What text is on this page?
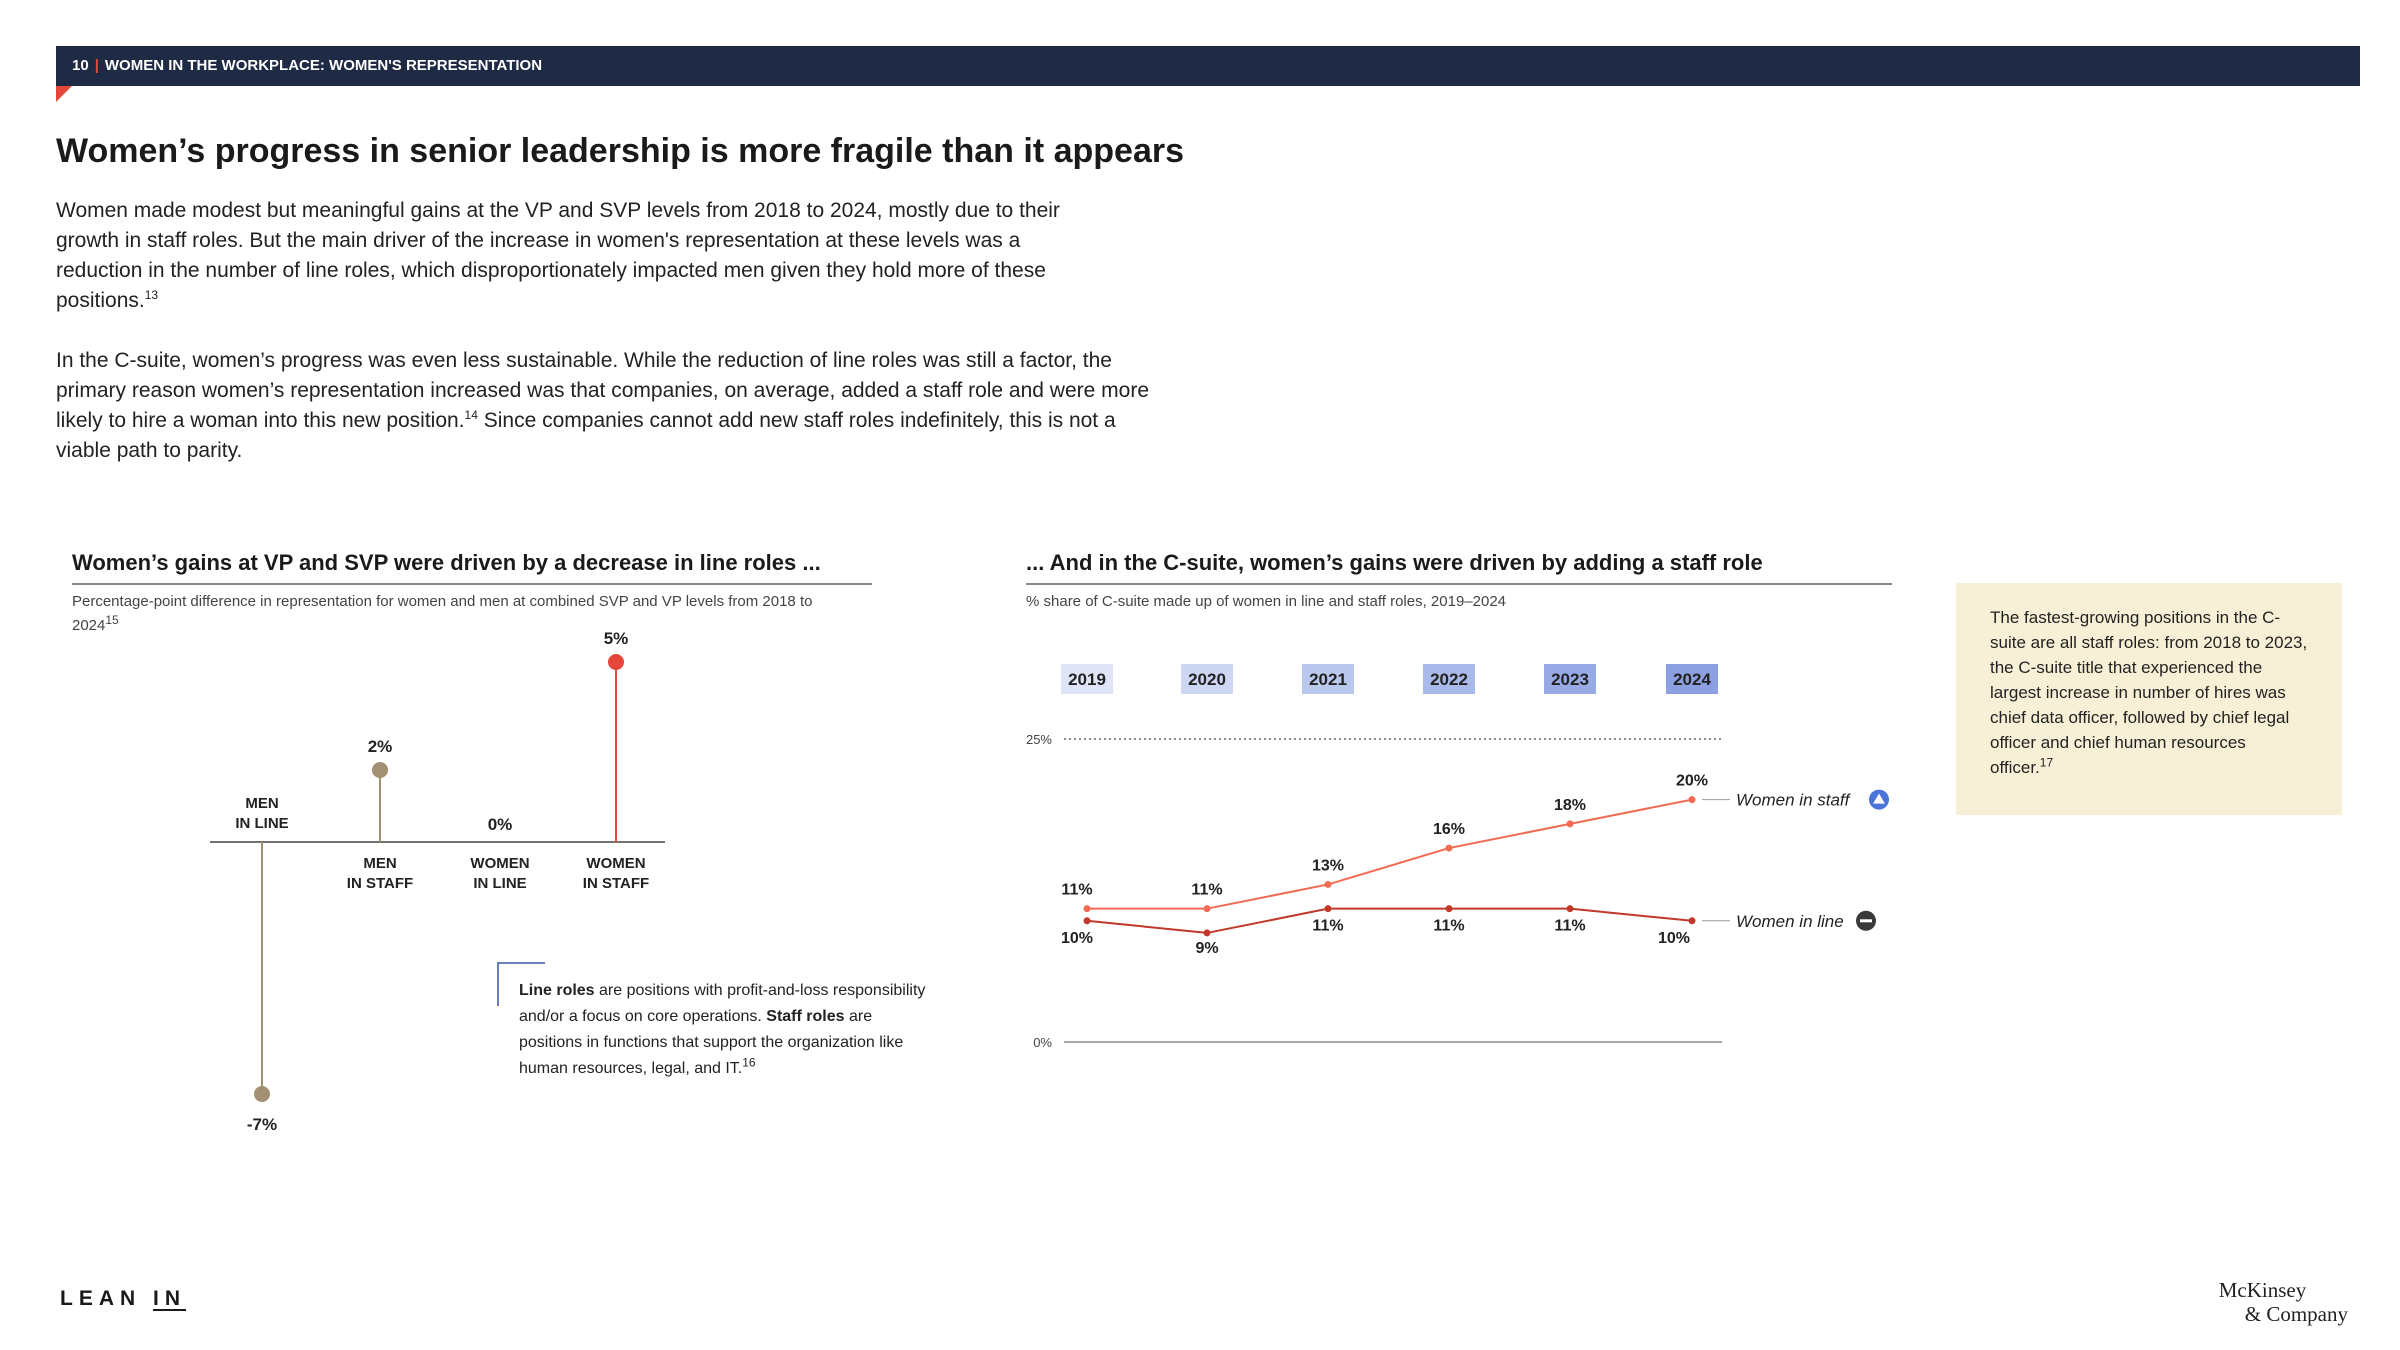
10 | WOMEN IN THE WORKPLACE: WOMEN'S REPRESENTATION
Women’s progress in senior leadership is more fragile than it appears
Women made modest but meaningful gains at the VP and SVP levels from 2018 to 2024, mostly due to their growth in staff roles. But the main driver of the increase in women's representation at these levels was a reduction in the number of line roles, which disproportionately impacted men given they hold more of these positions.$^{13}$
In the C-suite, women’s progress was even less sustainable. While the reduction of line roles was still a factor, the primary reason women’s representation increased was that companies, on average, added a staff role and were more likely to hire a woman into this new position.$^{14}$ Since companies cannot add new staff roles indefinitely, this is not a viable path to parity.
Women’s gains at VP and SVP were driven by a decrease in line roles ...
Percentage-point difference in representation for women and men at combined SVP and VP levels from 2018 to 2024$^{15}$
-7%
MEN
IN LINE
2%
MEN
IN STAFF
0%
WOMEN
IN LINE
5%
WOMEN
IN STAFF
Line roles are positions with profit-and-loss responsibility and/or a focus on core operations. Staff roles are positions in functions that support the organization like human resources, legal, and IT.$^{16}$
... And in the C-suite, women’s gains were driven by adding a staff role
% share of C-suite made up of women in line and staff roles, 2019–2024
2019	2020	2021	2022	2023	2024
25%
0%
11%	11%
13%
16%
18%
20%
Women in staff
10%
9%
11%	11%	11%
10%
Women in line
The fastest-growing positions in the C-suite are all staff roles: from 2018 to 2023, the C-suite title that experienced the largest increase in number of hires was chief data officer, followed by chief legal officer and chief human resources officer.$^{17}$
LEAN IN	McKinsey
& Company
